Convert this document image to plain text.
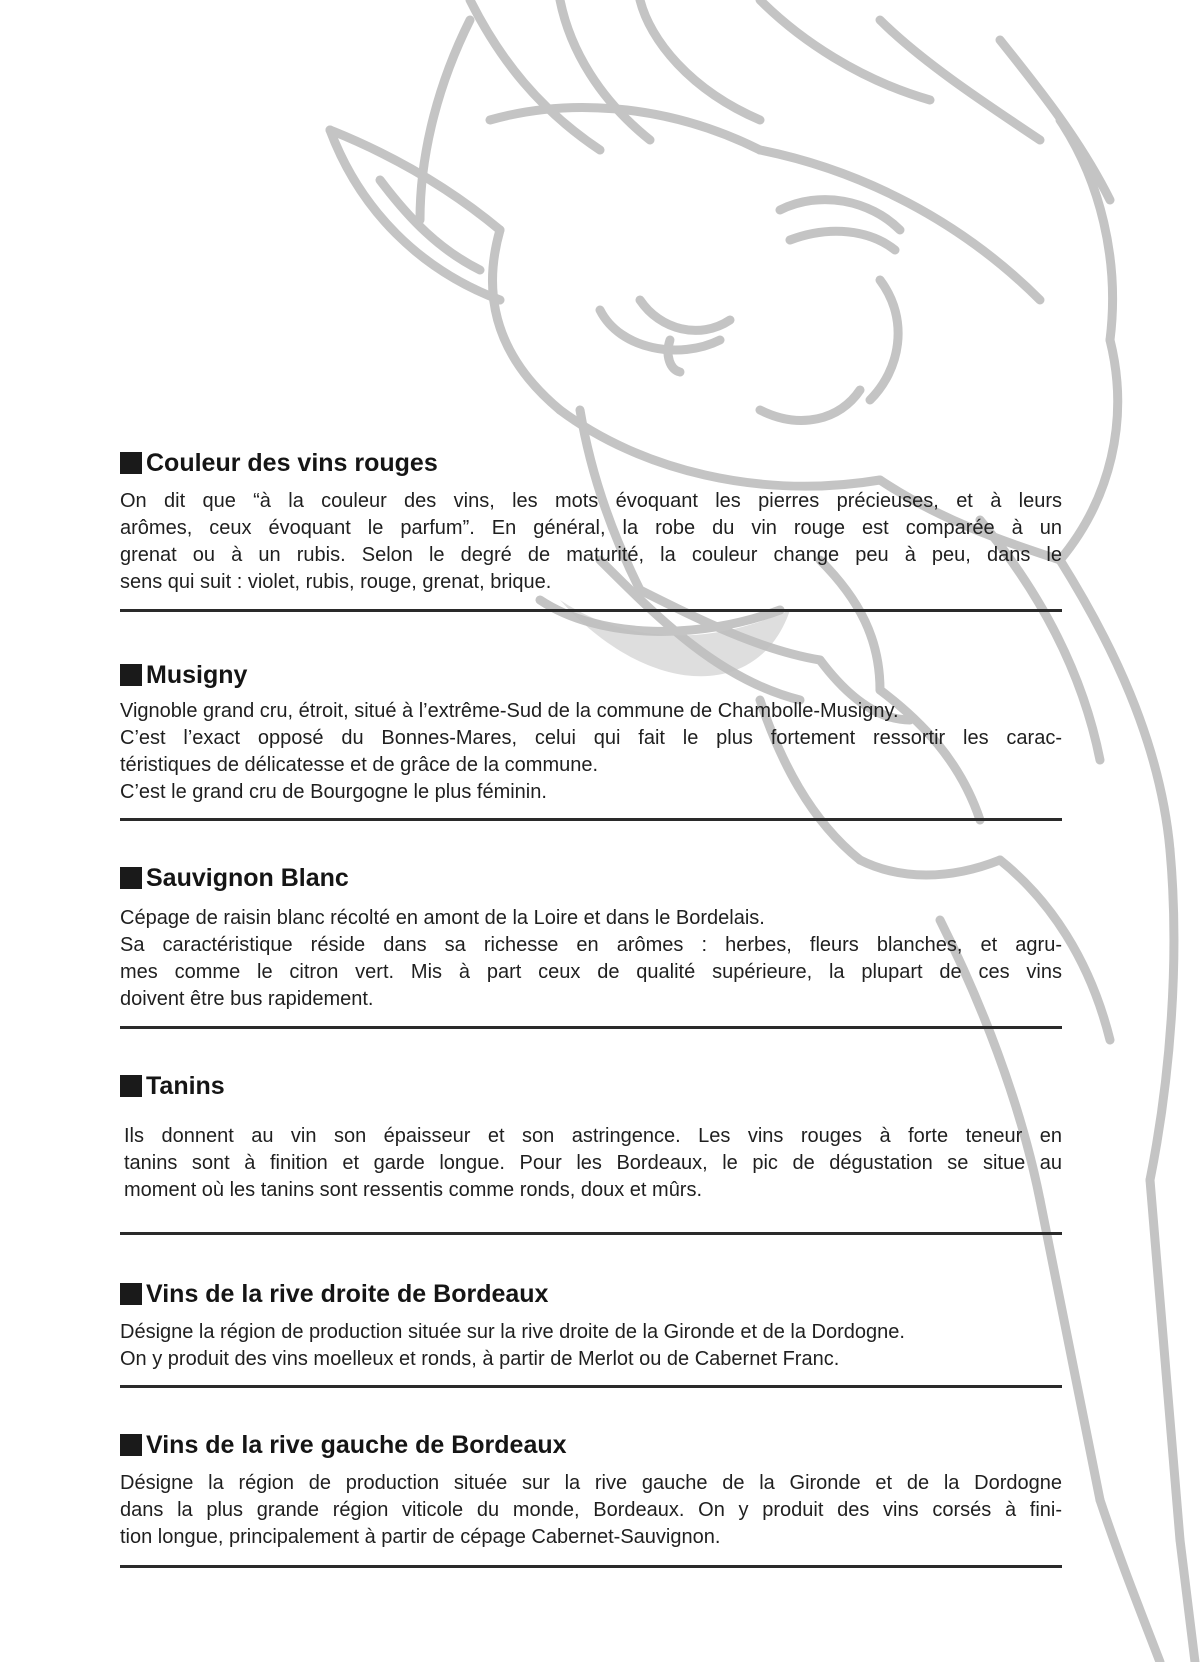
Couleur des vins rouges

On dit que “à la couleur des vins, les mots évoquant les pierres précieuses, et à leurs
arômes, ceux évoquant le parfum”. En général, la robe du vin rouge est comparée à un
grenat ou à un rubis. Selon le degré de maturité, la couleur change peu à peu, dans le
sens qui suit : violet, rubis, rouge, grenat, brique.

Musigny

Vignoble grand cru, étroit, situé à l’extrême-Sud de la commune de Chambolle-Musigny.
C’est l’exact opposé du Bonnes-Mares, celui qui fait le plus fortement ressortir les carac-
téristiques de délicatesse et de grâce de la commune.
C’est le grand cru de Bourgogne le plus féminin.

Sauvignon Blanc

Cépage de raisin blanc récolté en amont de la Loire et dans le Bordelais.
Sa caractéristique réside dans sa richesse en arômes : herbes, fleurs blanches, et agru-
mes comme le citron vert. Mis à part ceux de qualité supérieure, la plupart de ces vins
doivent être bus rapidement.

Tanins

Ils donnent au vin son épaisseur et son astringence. Les vins rouges à forte teneur en
tanins sont à finition et garde longue. Pour les Bordeaux, le pic de dégustation se situe au
moment où les tanins sont ressentis comme ronds, doux et mûrs.

Vins de la rive droite de Bordeaux

Désigne la région de production située sur la rive droite de la Gironde et de la Dordogne.
On y produit des vins moelleux et ronds, à partir de Merlot ou de Cabernet Franc.

Vins de la rive gauche de Bordeaux

Désigne la région de production située sur la rive gauche de la Gironde et de la Dordogne
dans la plus grande région viticole du monde, Bordeaux. On y produit des vins corsés à fini-
tion longue, principalement à partir de cépage Cabernet-Sauvignon.
